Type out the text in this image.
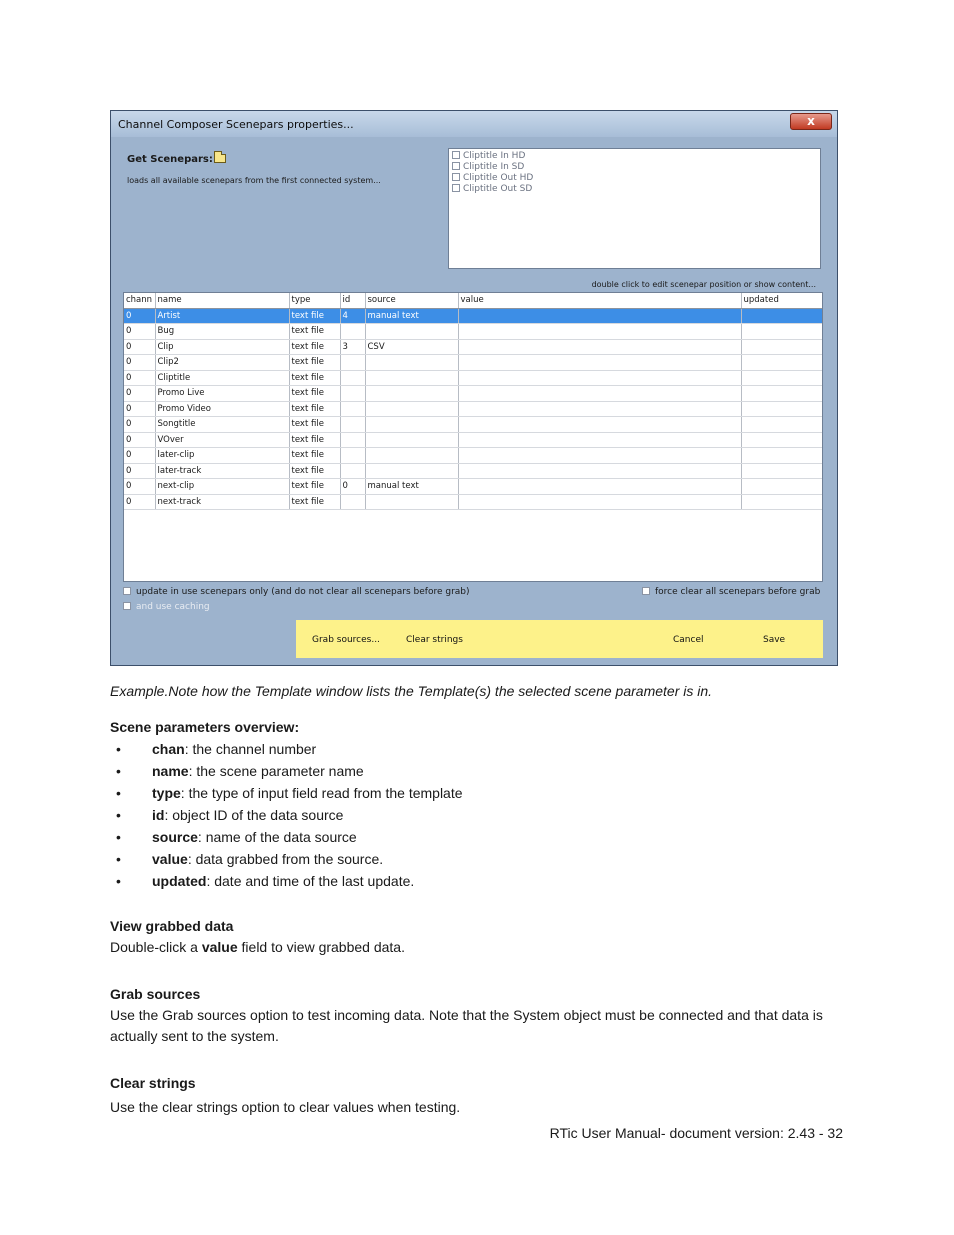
Channel Composer Scenepars properties...	x
Get Scenepars:
loads all available scenepars from the first connected system...
Cliptitle In HD
Cliptitle In SD
Cliptitle Out HD
Cliptitle Out SD
double click to edit scenepar position or show content...
chann	name	type	id	source	value	updated
0	Artist	text file	4	manual text		
0	Bug	text file				
0	Clip	text file	3	CSV		
0	Clip2	text file				
0	Cliptitle	text file				
0	Promo Live	text file				
0	Promo Video	text file				
0	Songtitle	text file				
0	VOver	text file				
0	later-clip	text file				
0	later-track	text file				
0	next-clip	text file	0	manual text		
0	next-track	text file				

update in use scenepars only (and do not clear all scenepars before grab)
and use caching
force clear all scenepars before grab
Grab sources...	Clear strings	Cancel	Save
Example.Note how the Template window lists the Template(s) the selected scene parameter is in.
Scene parameters overview:
• chan: the channel number
• name: the scene parameter name
• type: the type of input field read from the template
• id: object ID of the data source
• source: name of the data source
• value: data grabbed from the source.
• updated: date and time of the last update.
View grabbed data
Double-click a value field to view grabbed data.
Grab sources
Use the Grab sources option to test incoming data. Note that the System object must be connected and that data is actually sent to the system.
Clear strings
Use the clear strings option to clear values when testing.
RTic User Manual- document version: 2.43 - 32
